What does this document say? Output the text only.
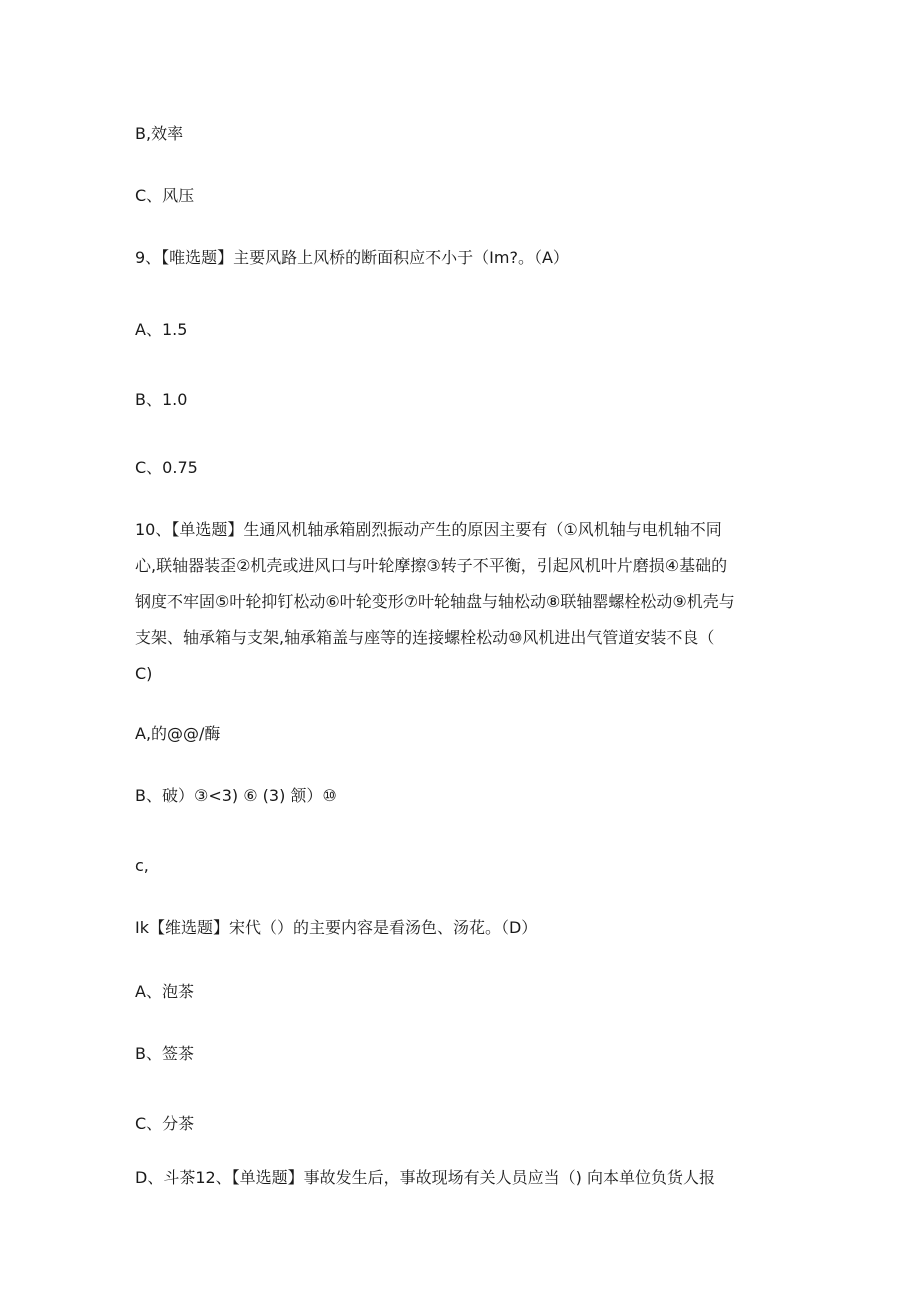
B,效率
C、风压
9、【唯选题】主要风路上风桥的断面积应不小于（Im?。（A）
A、1.5
B、1.0
C、0.75
10、【单选题】生通风机轴承箱剧烈振动产生的原因主要有（①风机轴与电机轴不同
心,联轴器装歪②机壳或进风口与叶轮摩擦③转子不平衡，引起风机叶片磨损④基础的
钢度不牢固⑤叶轮抑钉松动⑥叶轮变形⑦叶轮轴盘与轴松动⑧联轴罂螺栓松动⑨机壳与
支架、轴承箱与支架,轴承箱盖与座等的连接螺栓松动⑩风机进出气管道安装不良（
C)
A,的@@/酶
B、破）③<3) ⑥ (3) 颔）⑩
c,
Ik【维选题】宋代（）的主要内容是看汤色、汤花。（D）
A、泡茶
B、签茶
C、分茶
D、斗茶12、【单选题】事故发生后，事故现场有关人员应当（) 向本单位负货人报
